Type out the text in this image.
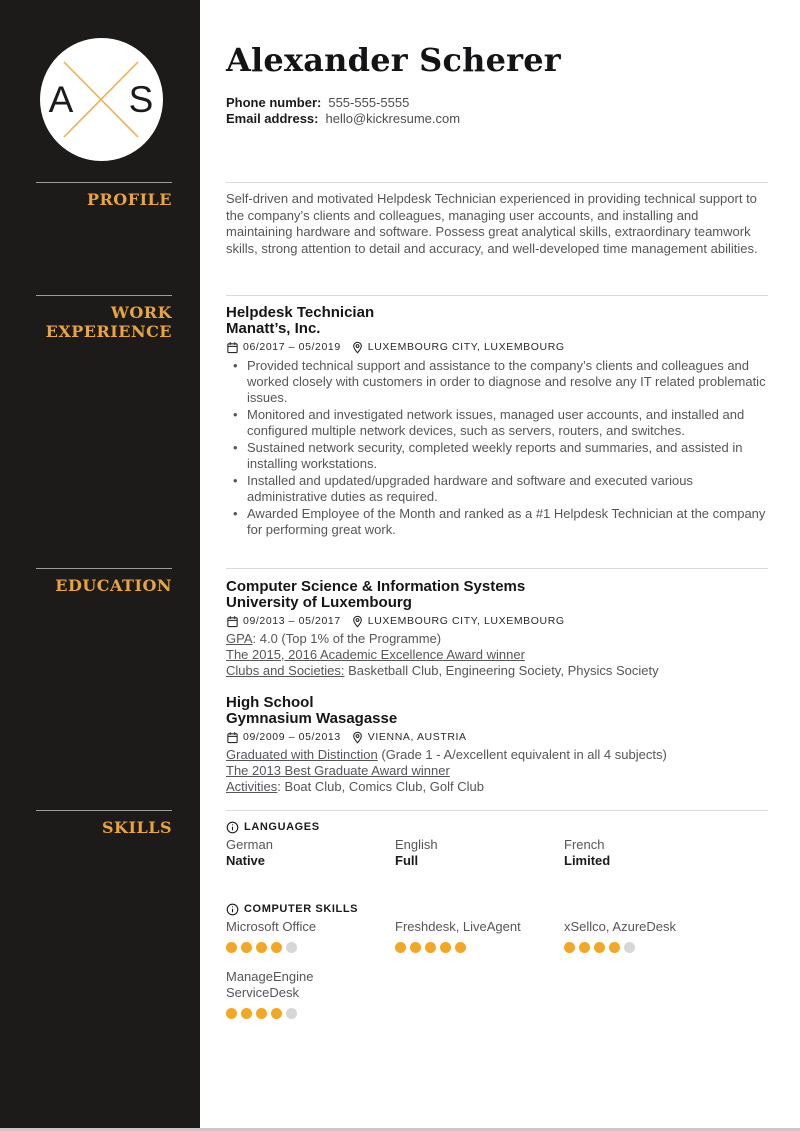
A S
PROFILE
WORK EXPERIENCE
EDUCATION
SKILLS
Alexander Scherer
Phone number: 555-555-5555
Email address: hello@kickresume.com

Self-driven and motivated Helpdesk Technician experienced in providing technical support to the company’s clients and colleagues, managing user accounts, and installing and maintaining hardware and software. Possess great analytical skills, extraordinary teamwork skills, strong attention to detail and accuracy, and well-developed time management abilities.

Helpdesk Technician
Manatt’s, Inc.
06/2017 – 05/2019	LUXEMBOURG CITY, LUXEMBOURG
• Provided technical support and assistance to the company’s clients and colleagues and worked closely with customers in order to diagnose and resolve any IT related problematic issues.
• Monitored and investigated network issues, managed user accounts, and installed and configured multiple network devices, such as servers, routers, and switches.
• Sustained network security, completed weekly reports and summaries, and assisted in installing workstations.
• Installed and updated/upgraded hardware and software and executed various administrative duties as required.
• Awarded Employee of the Month and ranked as a #1 Helpdesk Technician at the company for performing great work.
Computer Science & Information Systems
University of Luxembourg
09/2013 – 05/2017	LUXEMBOURG CITY, LUXEMBOURG
GPA: 4.0 (Top 1% of the Programme)
The 2015, 2016 Academic Excellence Award winner
Clubs and Societies: Basketball Club, Engineering Society, Physics Society
High School
Gymnasium Wasagasse
09/2009 – 05/2013	VIENNA, AUSTRIA
Graduated with Distinction (Grade 1 - A/excellent equivalent in all 4 subjects)
The 2013 Best Graduate Award winner
Activities: Boat Club, Comics Club, Golf Club
LANGUAGES
German
Native
English
Full
French
Limited
COMPUTER SKILLS
Microsoft Office	Freshdesk, LiveAgent	xSellco, AzureDesk
ManageEngine ServiceDesk
